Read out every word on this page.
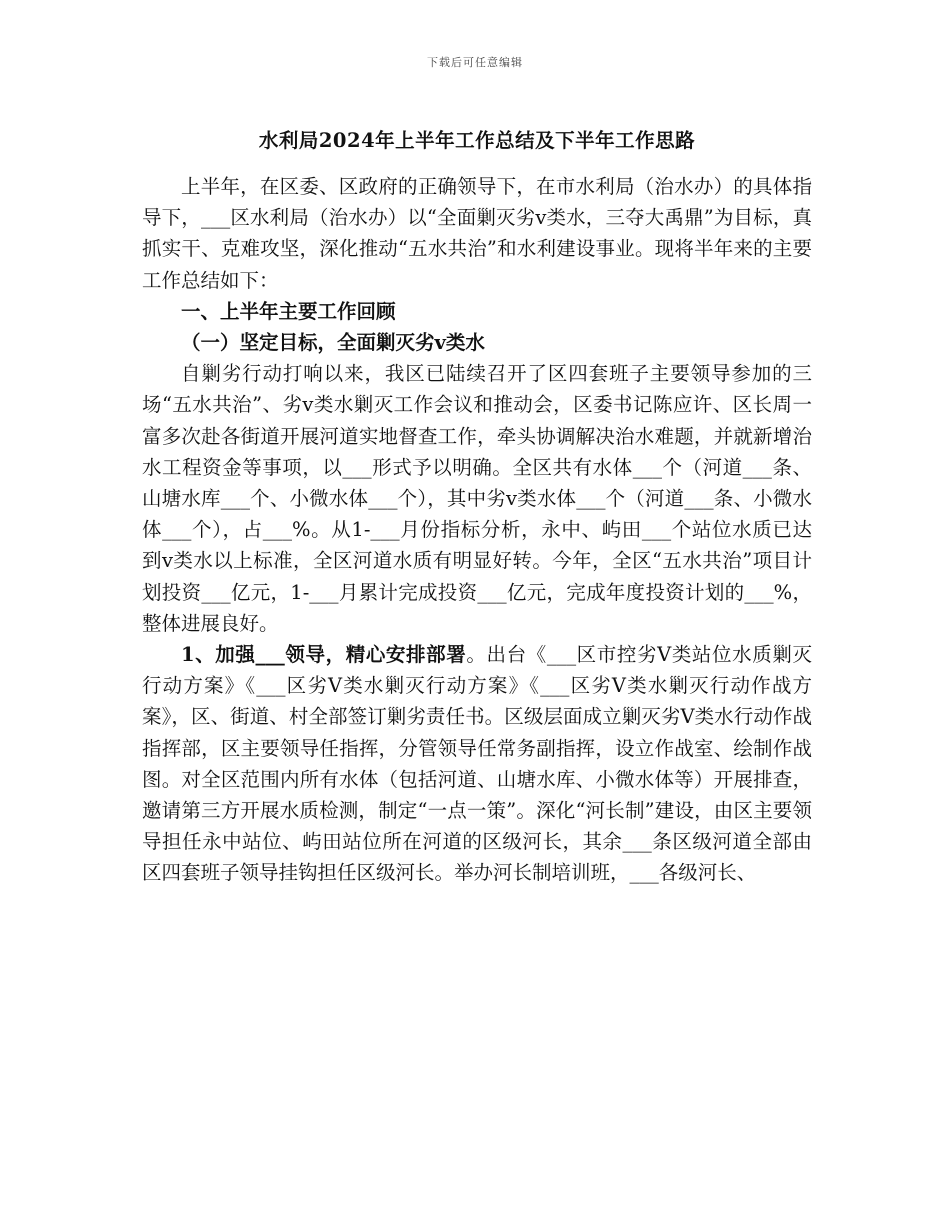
下载后可任意编辑
水利局2024年上半年工作总结及下半年工作思路

上半年，在区委、区政府的正确领导下，在市水利局（治水办）的具体指导下，___区水利局（治水办）以“全面剿灭劣ⅴ类水，三夺大禹鼎”为目标，真抓实干、克难攻坚，深化推动“五水共治”和水利建设事业。现将半年来的主要工作总结如下：

一、上半年主要工作回顾

（一）坚定目标，全面剿灭劣ⅴ类水

自剿劣行动打响以来，我区已陆续召开了区四套班子主要领导参加的三场“五水共治”、劣ⅴ类水剿灭工作会议和推动会，区委书记陈应许、区长周一富多次赴各街道开展河道实地督查工作，牵头协调解决治水难题，并就新增治水工程资金等事项，以___形式予以明确。全区共有水体___个（河道___条、山塘水库___个、小微水体___个），其中劣ⅴ类水体___个（河道___条、小微水体___个），占___%。从1-___月份指标分析，永中、屿田___个站位水质已达到ⅴ类水以上标准，全区河道水质有明显好转。今年，全区“五水共治”项目计划投资___亿元，1-___月累计完成投资___亿元，完成年度投资计划的___%，整体进展良好。

1、加强___领导，精心安排部署。出台《___区市控劣Ⅴ类站位水质剿灭行动方案》《___区劣Ⅴ类水剿灭行动方案》《___区劣Ⅴ类水剿灭行动作战方案》，区、街道、村全部签订剿劣责任书。区级层面成立剿灭劣Ⅴ类水行动作战指挥部，区主要领导任指挥，分管领导任常务副指挥，设立作战室、绘制作战图。对全区范围内所有水体（包括河道、山塘水库、小微水体等）开展排查，邀请第三方开展水质检测，制定“一点一策”。深化“河长制”建设，由区主要领导担任永中站位、屿田站位所在河道的区级河长，其余___条区级河道全部由区四套班子领导挂钩担任区级河长。举办河长制培训班，___各级河长、
